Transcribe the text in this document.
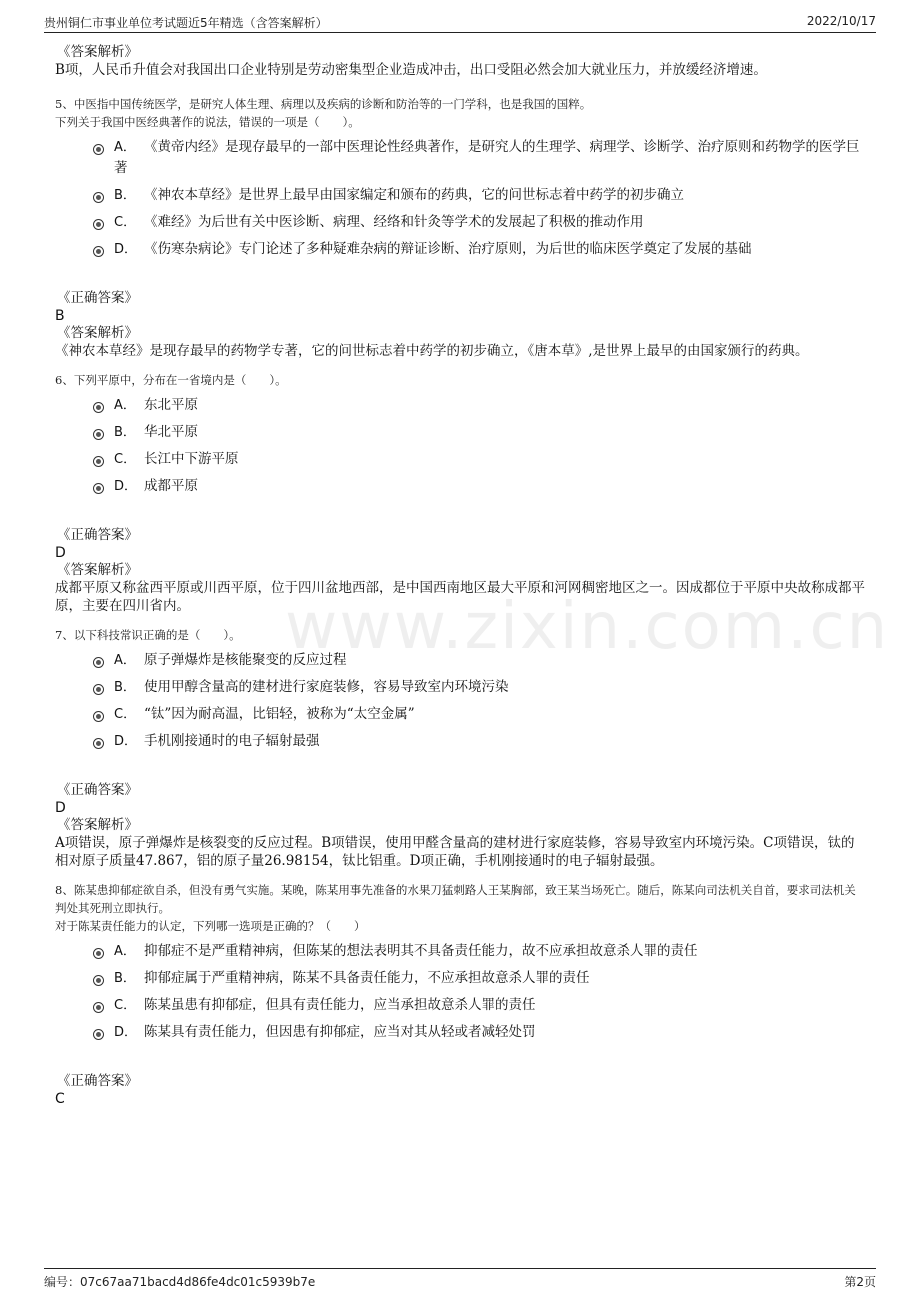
贵州铜仁市事业单位考试题近5年精选（含答案解析）	2022/10/17
www.zixin.com.cn

《答案解析》

B项，人民币升值会对我国出口企业特别是劳动密集型企业造成冲击，出口受阻必然会加大就业压力，并放缓经济增速。

5、中医指中国传统医学，是研究人体生理、病理以及疾病的诊断和防治等的一门学科，也是我国的国粹。

下列关于我国中医经典著作的说法，错误的一项是（　　）。

A． 《黄帝内经》是现存最早的一部中医理论性经典著作，是研究人的生理学、病理学、诊断学、治疗原则和药物学的医学巨著
B． 《神农本草经》是世界上最早由国家编定和颁布的药典，它的问世标志着中药学的初步确立
C． 《难经》为后世有关中医诊断、病理、经络和针灸等学术的发展起了积极的推动作用
D． 《伤寒杂病论》专门论述了多种疑难杂病的辩证诊断、治疗原则，为后世的临床医学奠定了发展的基础

《正确答案》

B

《答案解析》

《神农本草经》是现存最早的药物学专著，它的问世标志着中药学的初步确立，《唐本草》,是世界上最早的由国家颁行的药典。

6、下列平原中，分布在一省境内是（　　）。

A． 东北平原
B． 华北平原
C． 长江中下游平原
D． 成都平原

《正确答案》

D

《答案解析》

成都平原又称盆西平原或川西平原，位于四川盆地西部，是中国西南地区最大平原和河网稠密地区之一。因成都位于平原中央故称成都平原，主要在四川省内。

7、以下科技常识正确的是（　　）。

A． 原子弹爆炸是核能聚变的反应过程
B． 使用甲醇含量高的建材进行家庭装修，容易导致室内环境污染
C． “钛”因为耐高温，比铝轻，被称为“太空金属”
D． 手机刚接通时的电子辐射最强

《正确答案》

D

《答案解析》

A项错误，原子弹爆炸是核裂变的反应过程。B项错误，使用甲醛含量高的建材进行家庭装修，容易导致室内环境污染。C项错误，钛的相对原子质量47.867，铝的原子量26.98154，钛比铝重。D项正确，手机刚接通时的电子辐射最强。

8、陈某患抑郁症欲自杀，但没有勇气实施。某晚，陈某用事先准备的水果刀猛刺路人王某胸部，致王某当场死亡。随后，陈某向司法机关自首，要求司法机关判处其死刑立即执行。

对于陈某责任能力的认定，下列哪一选项是正确的？（　　）

A． 抑郁症不是严重精神病，但陈某的想法表明其不具备责任能力，故不应承担故意杀人罪的责任
B． 抑郁症属于严重精神病，陈某不具备责任能力，不应承担故意杀人罪的责任
C． 陈某虽患有抑郁症，但具有责任能力，应当承担故意杀人罪的责任
D． 陈某具有责任能力，但因患有抑郁症，应当对其从轻或者减轻处罚

《正确答案》

C

编号：07c67aa71bacd4d86fe4dc01c5939b7e	第2页
